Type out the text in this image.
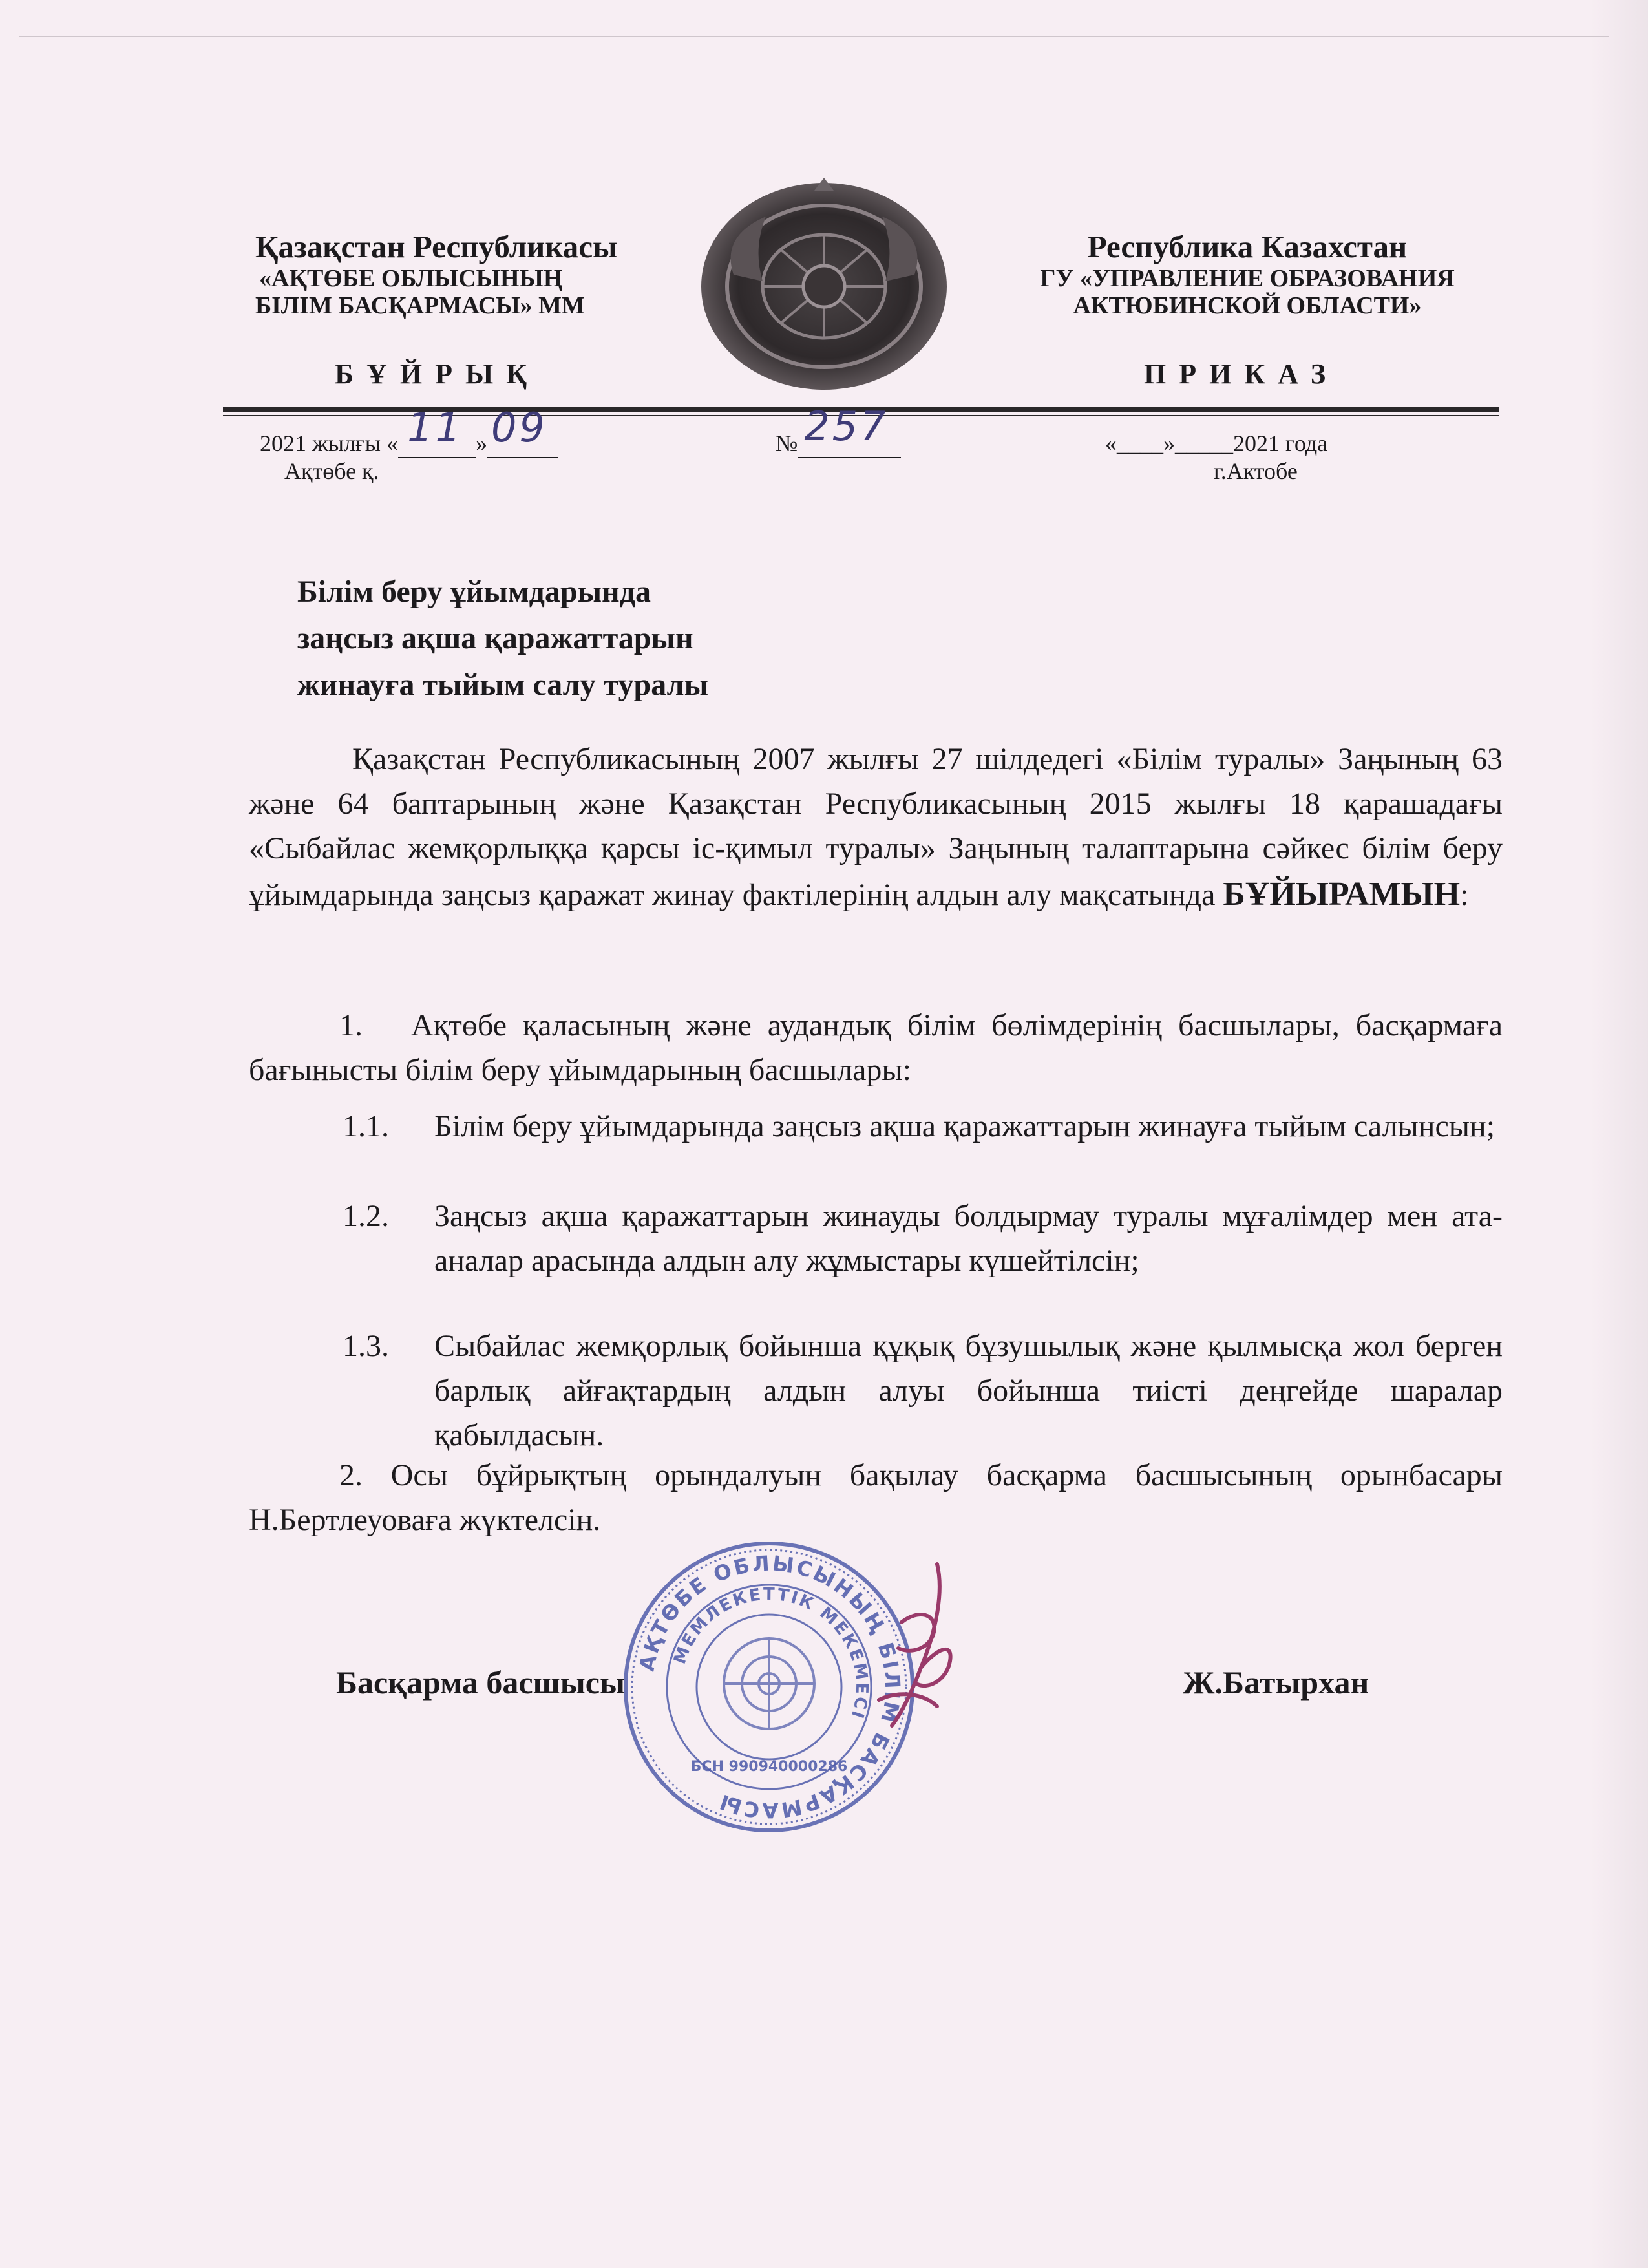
Қазақстан Республикасы
«АҚТӨБЕ ОБЛЫСЫНЫҢ
БІЛІМ БАСҚАРМАСЫ» ММ
БҰЙРЫҚ
Республика Казахстан
ГУ «УПРАВЛЕНИЕ ОБРАЗОВАНИЯ
АКТЮБИНСКОЙ ОБЛАСТИ»
ПРИКАЗ
2021 жылғы « 11 » 09

Ақтөбе қ.
№ 257
	«____»_____2021 года
г.Актобе
Білім беру ұйымдарында
заңсыз ақша қаражаттарын
жинауға тыйым салу туралы
Қазақстан Республикасының 2007 жылғы 27 шілдедегі «Білім туралы» Заңының 63 және 64 баптарының және Қазақстан Республикасының 2015 жылғы 18 қарашадағы «Сыбайлас жемқорлыққа қарсы іс-қимыл туралы» Заңының талаптарына сәйкес білім беру ұйымдарында заңсыз қаражат жинау фактілерінің алдын алу мақсатында БҰЙЫРАМЫН:
1. Ақтөбе қаласының және аудандық білім бөлімдерінің басшылары, басқармаға бағынысты білім беру ұйымдарының басшылары:
1.1. Білім беру ұйымдарында заңсыз ақша қаражаттарын жинауға тыйым салынсын;
1.2. Заңсыз ақша қаражаттарын жинауды болдырмау туралы мұғалімдер мен ата-аналар арасында алдын алу жұмыстары күшейтілсін;
1.3. Сыбайлас жемқорлық бойынша құқық бұзушылық және қылмысқа жол берген барлық айғақтардың алдын алуы бойынша тиісті деңгейде шаралар қабылдасын.
2. Осы бұйрықтың орындалуын бақылау басқарма басшысының орынбасары Н.Бертлеуоваға жүктелсін.
АҚТӨБЕ ОБЛЫСЫНЫҢ БІЛІМ БАСҚАРМАСЫ
МЕМЛЕКЕТТІК МЕКЕМЕСІ
БСН 990940000286
Басқарма басшысы	Ж.Батырхан
